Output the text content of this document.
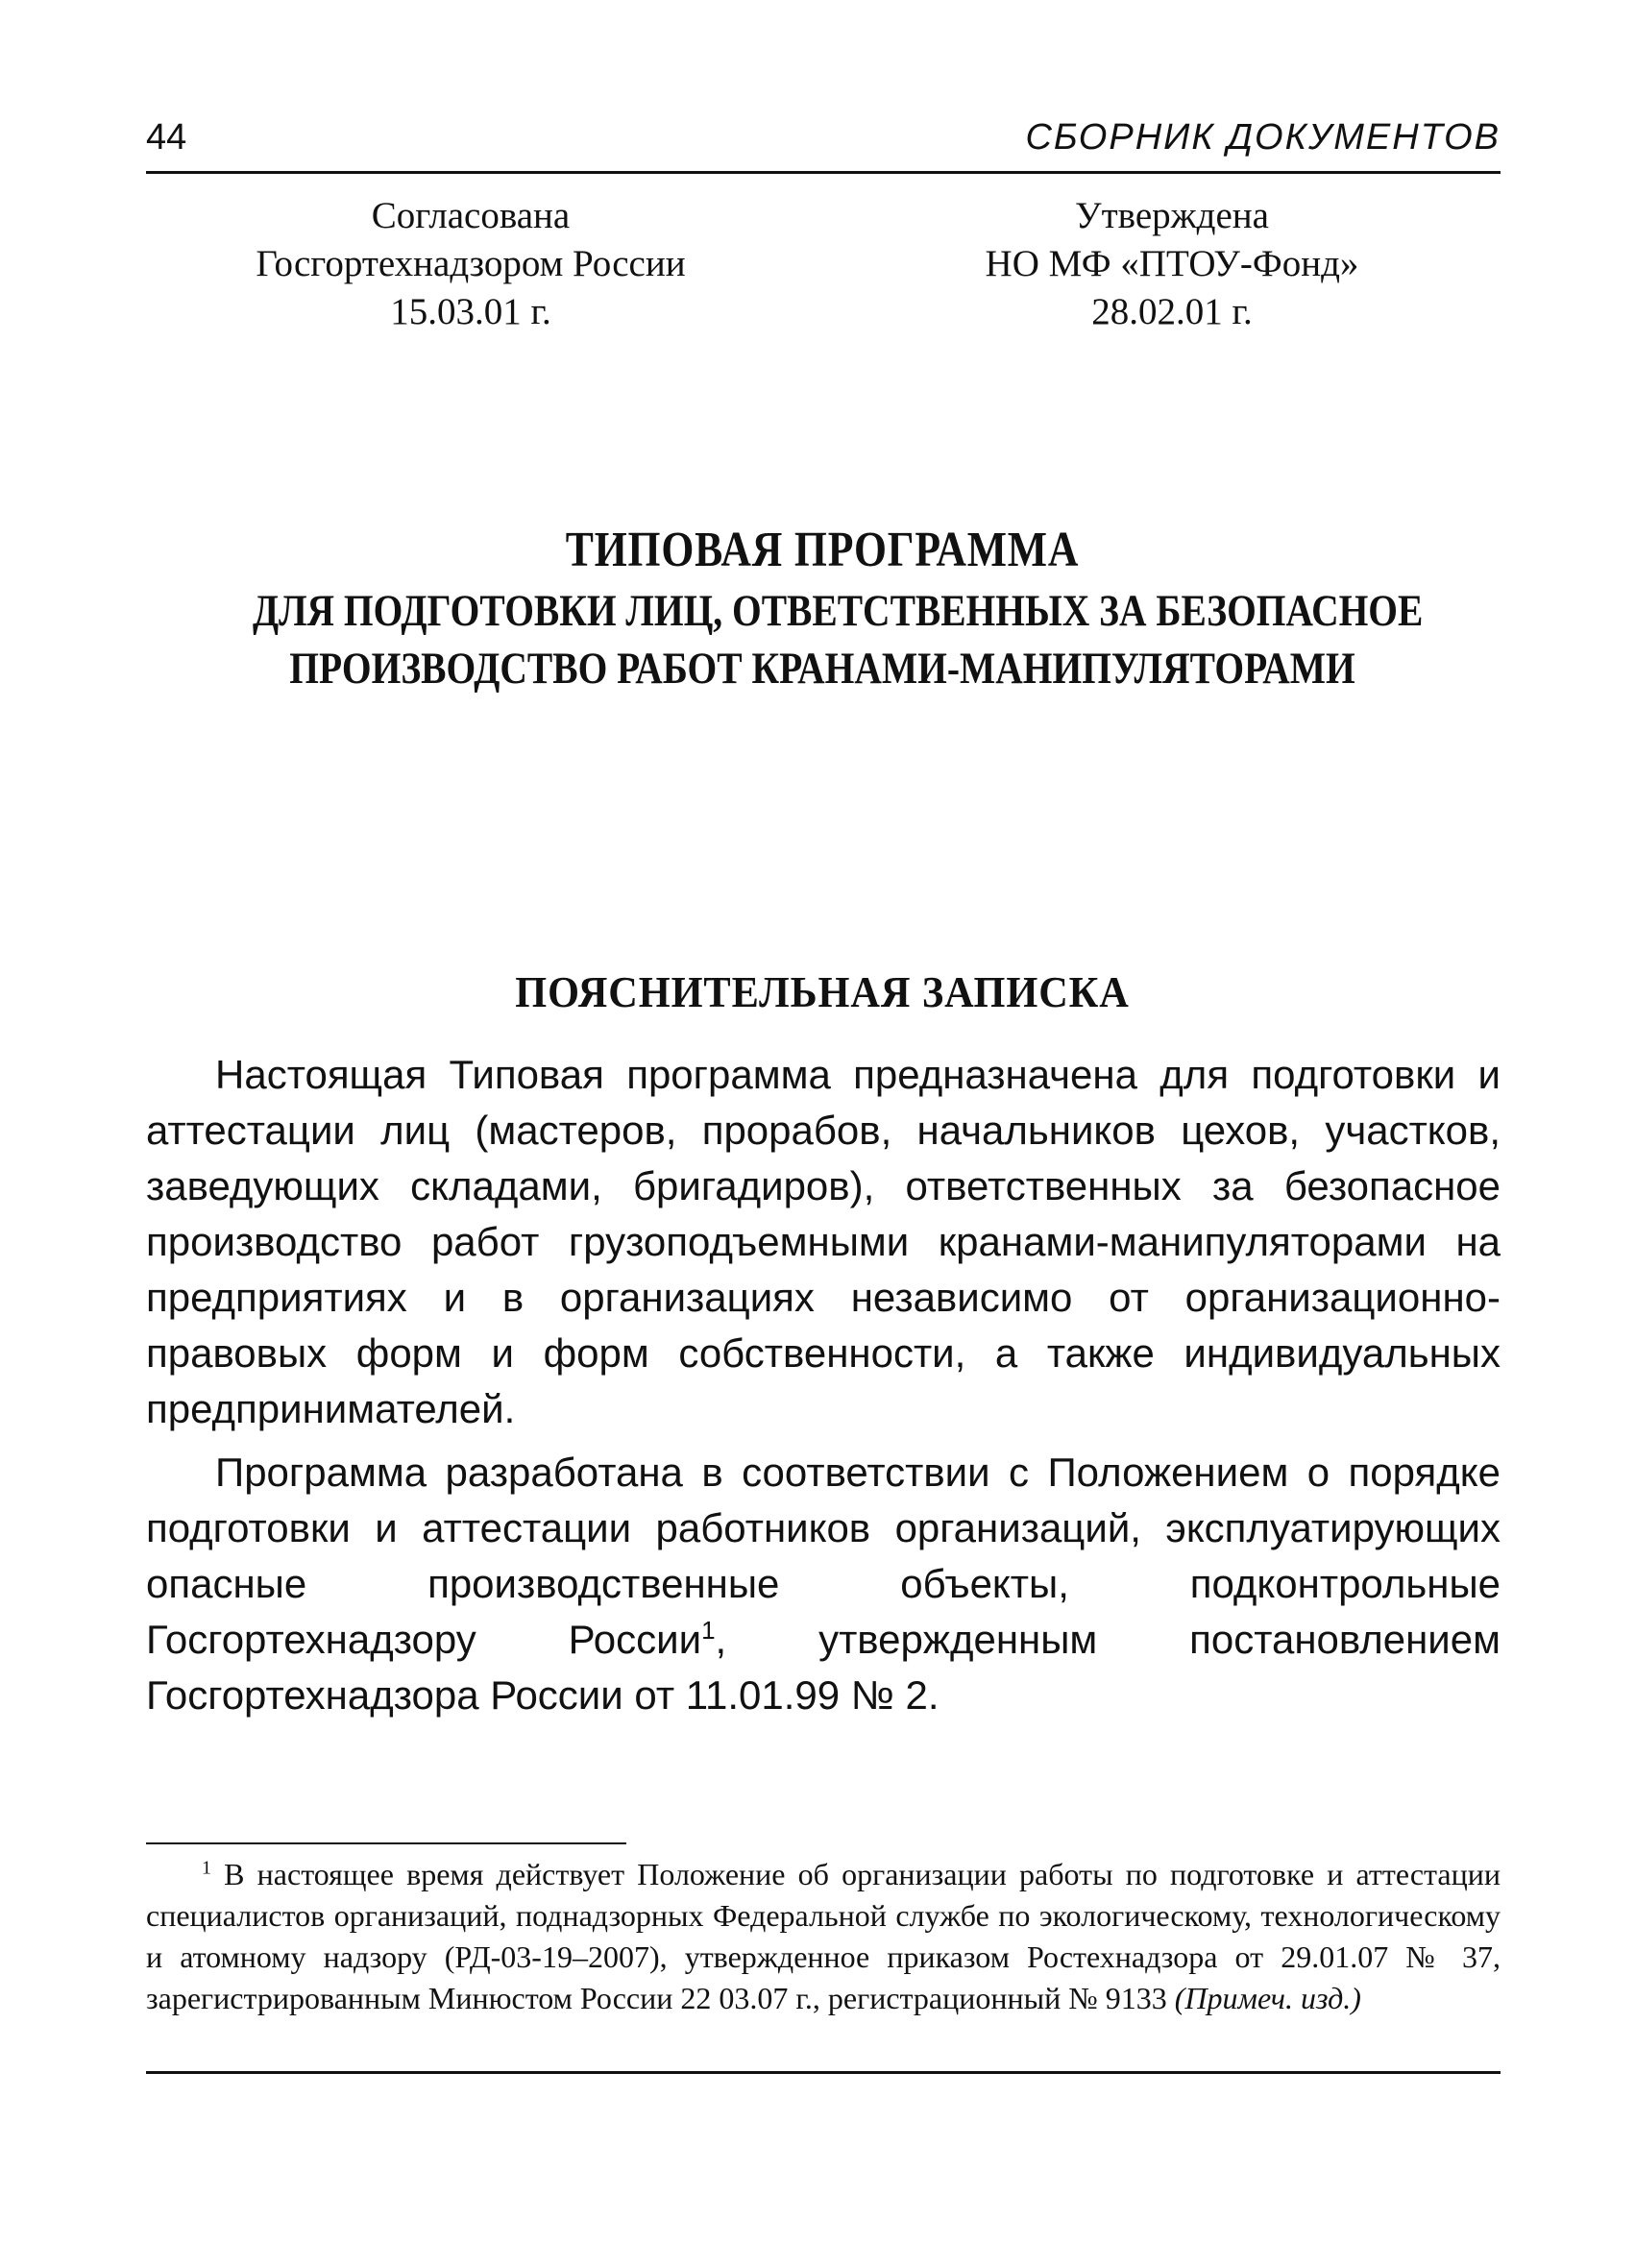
44	СБОРНИК ДОКУМЕНТОВ
Согласована
Госгортехнадзором России
15.03.01 г.
Утверждена
НО МФ «ПТОУ-Фонд»
28.02.01 г.
ТИПОВАЯ ПРОГРАММА
ДЛЯ ПОДГОТОВКИ ЛИЦ, ОТВЕТСТВЕННЫХ ЗА БЕЗОПАСНОЕ
ПРОИЗВОДСТВО РАБОТ КРАНАМИ-МАНИПУЛЯТОРАМИ
ПОЯСНИТЕЛЬНАЯ ЗАПИСКА

Настоящая Типовая программа предназначена для подготовки и аттестации лиц (мастеров, прорабов, начальников цехов, участков, заведующих складами, бригадиров), ответственных за безопасное производство работ грузоподъемными кранами-манипуляторами на предприятиях и в организациях независимо от организационно-правовых форм и форм собственности, а также индивидуальных предпринимателей.

Программа разработана в соответствии с Положением о порядке подготовки и аттестации работников организаций, эксплуатирующих опасные производственные объекты, подконтрольные Госгортехнадзору России$^1$, утвержденным постановлением Госгортехнадзора России от 11.01.99 № 2.

$^1$ В настоящее время действует Положение об организации работы по подготовке и аттестации специалистов организаций, поднадзорных Федеральной службе по экологическому, технологическому и атомному надзору (РД-03-19–2007), утвержденное приказом Ростехнадзора от 29.01.07 № 37, зарегистрированным Минюстом России 22 03.07 г., регистрационный № 9133 (Примеч. изд.)
